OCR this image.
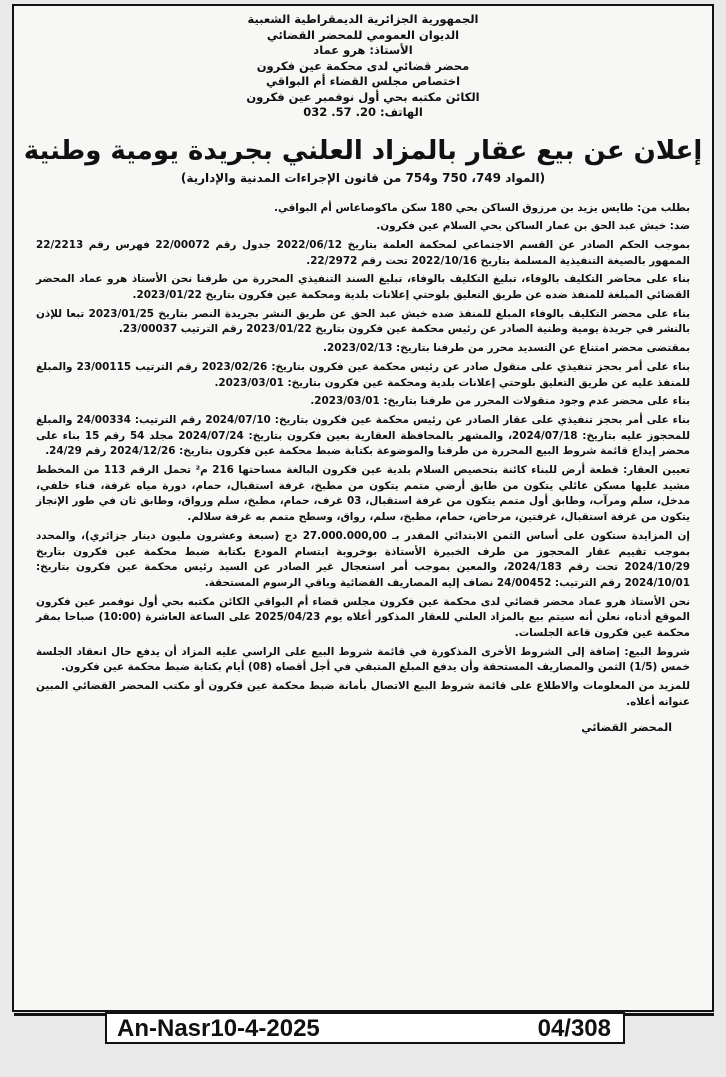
الجمهورية الجزائرية الديمقراطية الشعبية
الديوان العمومي للمحضر القضائي
الأستاذ: هرو عماد
محضر قضائي لدى محكمة عين فكرون
اختصاص مجلس القضاء أم البواقي
الكائن مكتبه بحي أول نوفمبر عين فكرون
الهاتف: 20. 57. 032
إعلان عن بيع عقار بالمزاد العلني بجريدة يومية وطنية
(المواد 749، 750 و754 من قانون الإجراءات المدنية والإدارية)

بطلب من: طايس يزيد بن مرزوق الساكن بحي 180 سكن ماكوصاعاس أم البواقي.

ضد: خيش عبد الحق بن عمار الساكن بحي السلام عين فكرون.

بموجب الحكم الصادر عن القسم الاجتماعي لمحكمة العلمة بتاريخ 2022/06/12 جدول رقم 22/00072 فهرس رقم 22/2213 الممهور بالصيغة التنفيذية المسلمة بتاريخ 2022/10/16 تحت رقم 22/2972.

بناء على محاضر التكليف بالوفاء، تبليغ التكليف بالوفاء، تبليغ السند التنفيذي المحررة من طرفنا نحن الأستاذ هرو عماد المحضر القضائي المبلغة للمنفذ ضده عن طريق التعليق بلوحتي إعلانات بلدية ومحكمة عين فكرون بتاريخ 2023/01/22.

بناء على محضر التكليف بالوفاء المبلغ للمنفذ ضده خيش عبد الحق عن طريق النشر بجريدة النصر بتاريخ 2023/01/25 تبعا للإذن بالنشر في جريدة يومية وطنية الصادر عن رئيس محكمة عين فكرون بتاريخ 2023/01/22 رقم الترتيب 23/00037.

بمقتضى محضر امتناع عن التسديد محرر من طرفنا بتاريخ: 2023/02/13.

بناء على أمر بحجز تنفيذي على منقول صادر عن رئيس محكمة عين فكرون بتاريخ: 2023/02/26 رقم الترتيب 23/00115 والمبلغ للمنفذ عليه عن طريق التعليق بلوحتي إعلانات بلدية ومحكمة عين فكرون بتاريخ: 2023/03/01.

بناء على محضر عدم وجود منقولات المحرر من طرفنا بتاريخ: 2023/03/01.

بناء على أمر بحجز تنفيذي على عقار الصادر عن رئيس محكمة عين فكرون بتاريخ: 2024/07/10 رقم الترتيب: 24/00334 والمبلغ للمحجوز عليه بتاريخ: 2024/07/18، والمشهر بالمحافظة العقارية بعين فكرون بتاريخ: 2024/07/24 مجلد 54 رقم 15 بناء على محضر إيداع قائمة شروط البيع المحررة من طرفنا والموضوعة بكتابة ضبط محكمة عين فكرون بتاريخ: 2024/12/26 رقم 24/29.

تعيين العقار: قطعة أرض للبناء كائنة بتحصيص السلام بلدية عين فكرون البالغة مساحتها 216 م² تحمل الرقم 113 من المخطط مشيد عليها مسكن عائلي يتكون من طابق أرضي متمم يتكون من مطبخ، غرفة استقبال، حمام، دورة مياه غرفة، فناء خلفي، مدخل، سلم ومرآب، وطابق أول متمم يتكون من غرفة استقبال، 03 غرف، حمام، مطبخ، سلم ورواق، وطابق ثان في طور الإنجاز يتكون من غرفة استقبال، غرفتين، مرحاض، حمام، مطبخ، سلم، رواق، وسطح متمم به غرفة سلالم.

إن المزايدة ستكون على أساس الثمن الابتدائي المقدر بـ 27.000.000,00 دج (سبعة وعشرون مليون دينار جزائري)، والمحدد بموجب تقييم عقار المحجوز من طرف الخبيرة الأستاذة بوخروبة ابتسام المودع بكتابة ضبط محكمة عين فكرون بتاريخ 2024/10/29 تحت رقم 2024/183، والمعين بموجب أمر استعجال غير الصادر عن السيد رئيس محكمة عين فكرون بتاريخ: 2024/10/01 رقم الترتيب: 24/00452 نضاف إليه المصاريف القضائية وباقي الرسوم المستحقة.

نحن الأستاذ هرو عماد محضر قضائي لدى محكمة عين فكرون مجلس قضاء أم البواقي الكائن مكتبه بحي أول نوفمبر عين فكرون الموقع أدناه، نعلن أنه سيتم بيع بالمزاد العلني للعقار المذكور أعلاه يوم 2025/04/23 على الساعة العاشرة (10:00) صباحا بمقر محكمة عين فكرون قاعة الجلسات.

شروط البيع: إضافة إلى الشروط الأخرى المذكورة في قائمة شروط البيع على الراسي عليه المزاد أن يدفع حال انعقاد الجلسة خمس (1/5) الثمن والمصاريف المستحقة وأن يدفع المبلغ المتبقي في أجل أقصاه (08) أيام بكتابة ضبط محكمة عين فكرون.

للمزيد من المعلومات والاطلاع على قائمة شروط البيع الاتصال بأمانة ضبط محكمة عين فكرون أو مكتب المحضر القضائي المبين عنوانه أعلاه.

المحضر القضائي
An-Nasr10-4-2025	04/308
